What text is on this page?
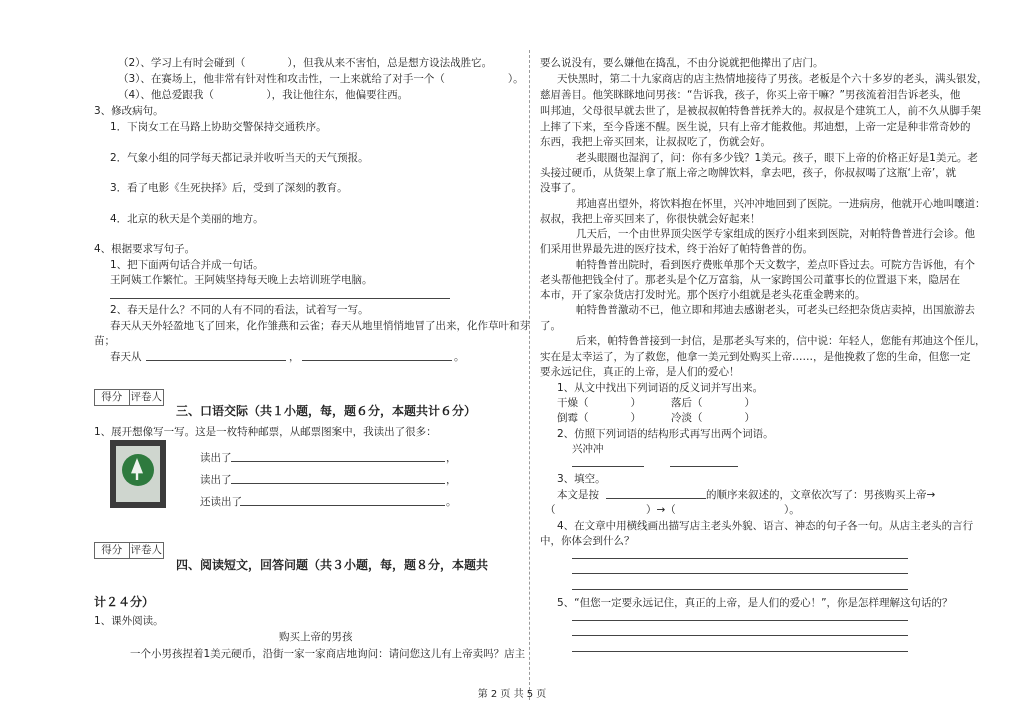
（2）、学习上有时会碰到（　　　　），但我从来不害怕，总是想方设法战胜它。
（3）、在赛场上，他非常有针对性和攻击性，一上来就给了对手一个（　　　　　　）。
（4）、他总爱跟我（　　　　　），我让他往东，他偏要往西。
3、修改病句。
1．下岗女工在马路上协助交警保持交通秩序。
2．气象小组的同学每天都记录并收听当天的天气预报。
3．看了电影《生死抉择》后，受到了深刻的教育。
4．北京的秋天是个美丽的地方。
4、根据要求写句子。
1、把下面两句话合并成一句话。
王阿姨工作繁忙。王阿姨坚持每天晚上去培训班学电脑。
2、春天是什么？不同的人有不同的看法，试着写一写。
春天从天外轻盈地飞了回来，化作雏燕和云雀；春天从地里悄悄地冒了出来，化作草叶和芽
苗；
春天从	，	。
得分 评卷人
三、口语交际（共１小题，每，题６分，本题共计６分）
1、展开想像写一写。这是一枚特种邮票，从邮票图案中，我读出了很多：
读出了	，
读出了	，
还读出了	。
得分 评卷人
四、阅读短文，回答问题（共３小题，每，题８分，本题共
计２４分）
1、课外阅读。
购买上帝的男孩
一个小男孩捏着1美元硬币，沿街一家一家商店地询问：请问您这儿有上帝卖吗？店主
要么说没有，要么嫌他在捣乱，不由分说就把他撵出了店门。
天快黑时，第二十九家商店的店主热情地接待了男孩。老板是个六十多岁的老头，满头银发，
慈眉善目。他笑眯眯地问男孩：“告诉我，孩子，你买上帝干嘛？”男孩流着泪告诉老头，他
叫邦迪，父母很早就去世了，是被叔叔帕特鲁普抚养大的。叔叔是个建筑工人，前不久从脚手架
上摔了下来，至今昏迷不醒。医生说，只有上帝才能救他。邦迪想，上帝一定是种非常奇妙的
东西，我把上帝买回来，让叔叔吃了，伤就会好。
老头眼圈也湿润了，问：你有多少钱？1美元。孩子，眼下上帝的价格正好是1美元。老
头接过硬币，从货架上拿了瓶上帝之吻牌饮料，拿去吧，孩子，你叔叔喝了这瓶‘上帝’，就
没事了。
邦迪喜出望外，将饮料抱在怀里，兴冲冲地回到了医院。一进病房，他就开心地叫嚷道：
叔叔，我把上帝买回来了，你很快就会好起来！
几天后，一个由世界顶尖医学专家组成的医疗小组来到医院，对帕特鲁普进行会诊。他
们采用世界最先进的医疗技术，终于治好了帕特鲁普的伤。
帕特鲁普出院时，看到医疗费账单那个天文数字，差点吓昏过去。可院方告诉他，有个
老头帮他把钱全付了。那老头是个亿万富翁，从一家跨国公司董事长的位置退下来，隐居在
本市，开了家杂货店打发时光。那个医疗小组就是老头花重金聘来的。
帕特鲁普激动不已，他立即和邦迪去感谢老头，可老头已经把杂货店卖掉，出国旅游去
了。
后来，帕特鲁普接到一封信，是那老头写来的，信中说：年轻人，您能有邦迪这个侄儿，
实在是太幸运了，为了救您，他拿一美元到处购买上帝……，是他挽救了您的生命，但您一定
要永远记住，真正的上帝，是人们的爱心！
1、从文中找出下列词语的反义词并写出来。
干燥（　　　　）	落后（　　　　）
倒霉（　　　　）	冷淡（　　　　）
2、仿照下列词语的结构形式再写出两个词语。
兴冲冲
3、填空。
本文是按	的顺序来叙述的，文章依次写了：男孩购买上帝→
（	）→（	）。
4、在文章中用横线画出描写店主老头外貌、语言、神态的句子各一句。从店主老头的言行
中，你体会到什么？
5、“但您一定要永远记住，真正的上帝，是人们的爱心！”，你是怎样理解这句话的？
第 2 页 共 5 页
